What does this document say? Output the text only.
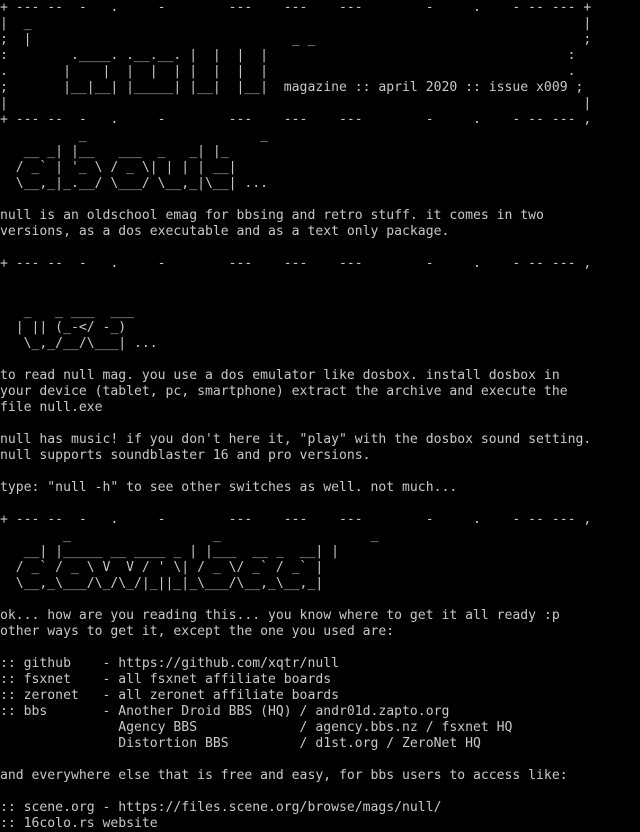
+ --- --  -   .     -        ---    ---    ---        -     .    - -- --- +
|  _                                                                      |
;  |                                 _ _                                  ;
:        .____. .__.__. |  |  |  |                                      :
.       |    |  |  |  | |  |  |  |                                      .
;       |__|__| |_____| |__|  |__|  magazine :: april 2020 :: issue x009 ;
|                                                                         |
+ --- --  -   .     -        ---    ---    ---        -     .    - -- --- ,
_                      _
__ _| |__   ___  _   _| |_
/ _` | '_ \ / _ \| | | | __|
\__,_|_.__/ \___/ \__,_|\__| ...

null is an oldschool emag for bbsing and retro stuff. it comes in two
versions, as a dos executable and as a text only package.

+ --- --  -   .     -        ---    ---    ---        -     .    - -- --- ,

_   _ ___  ___
| || (_-</ -_)
\_,_/__/\___| ...

to read null mag. you use a dos emulator like dosbox. install dosbox in
your device (tablet, pc, smartphone) extract the archive and execute the
file null.exe

null has music! if you don't here it, "play" with the dosbox sound setting.
null supports soundblaster 16 and pro versions.

type: "null -h" to see other switches as well. not much...

+ --- --  -   .     -        ---    ---    ---        -     .    - -- --- ,
_                  _                   _
__| |_____ __ ____ _ | |___  __ _  __| |
/ _` / _ \ V  V / ' \| / _ \/ _` / _` |
\__,_\___/\_/\_/|_||_|_\___/\__,_\__,_|

ok... how are you reading this... you know where to get it all ready :p
other ways to get it, except the one you used are:

:: github    - https://github.com/xqtr/null
:: fsxnet    - all fsxnet affiliate boards
:: zeronet   - all zeronet affiliate boards
:: bbs       - Another Droid BBS (HQ) / andr01d.zapto.org
Agency BBS             / agency.bbs.nz / fsxnet HQ
Distortion BBS         / d1st.org / ZeroNet HQ

and everywhere else that is free and easy, for bbs users to access like:

:: scene.org - https://files.scene.org/browse/mags/null/
:: 16colo.rs website
